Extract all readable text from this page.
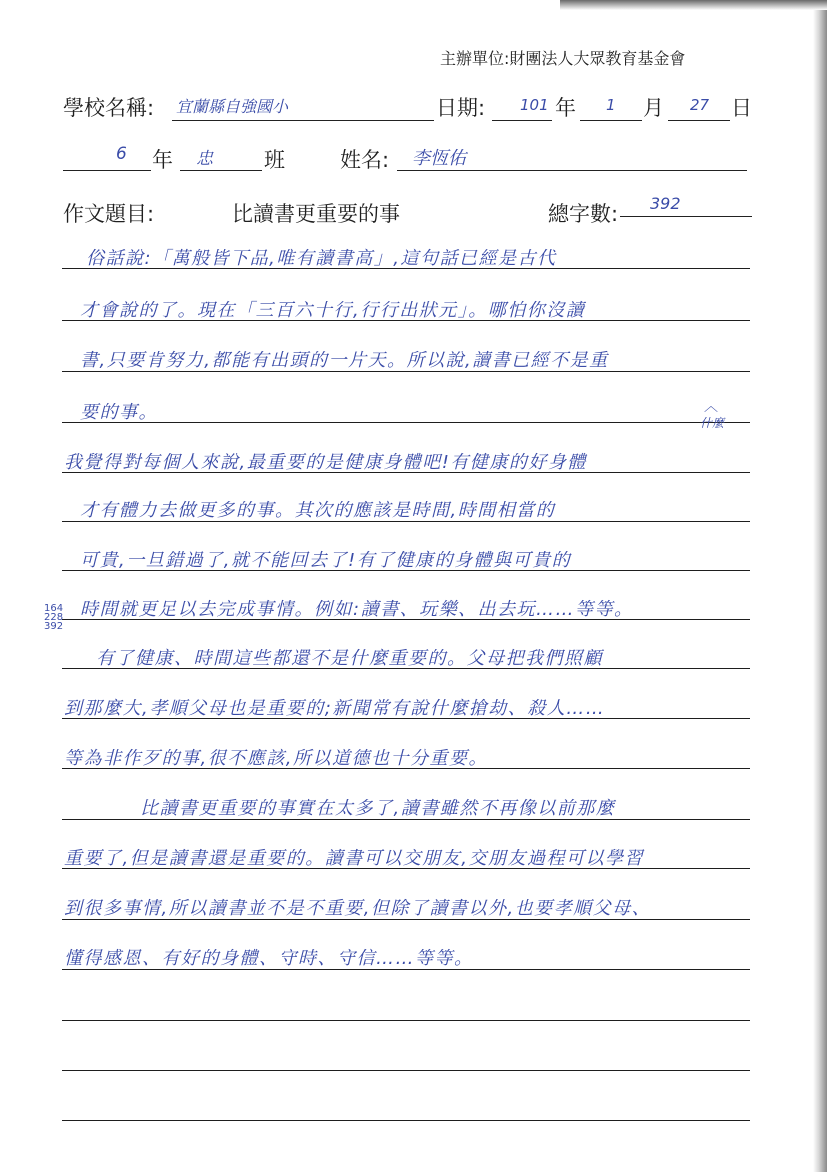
主辦單位:財團法人大眾教育基金會
學校名稱: 宜蘭縣自強國小	日期: 101 年 1 月 27 日
6 年 忠 班	姓名: 李恆佑
作文題目:	比讀書更重要的事	總字數: 392
俗話說:「萬般皆下品,唯有讀書高」,這句話已經是古代
才會說的了。現在「三百六十行,行行出狀元」。哪怕你沒讀
書,只要肯努力,都能有出頭的一片天。所以說,讀書已經不是重
要的事。
我覺得對每個人來說,最重要的是健康身體吧!有健康的好身體
才有體力去做更多的事。其次的應該是時間,時間相當的
可貴,一旦錯過了,就不能回去了!有了健康的身體與可貴的
時間就更足以去完成事情。例如:讀書、玩樂、出去玩……等等。
有了健康、時間這些都還不是什麼重要的。父母把我們照顧
到那麼大,孝順父母也是重要的;新聞常有說什麼搶劫、殺人……
等為非作歹的事,很不應該,所以道德也十分重要。
比讀書更重要的事實在太多了,讀書雖然不再像以前那麼
重要了,但是讀書還是重要的。讀書可以交朋友,交朋友過程可以學習
到很多事情,所以讀書並不是不重要,但除了讀書以外,也要孝順父母、
懂得感恩、有好的身體、守時、守信……等等。
︿
什麼
164
228
392
